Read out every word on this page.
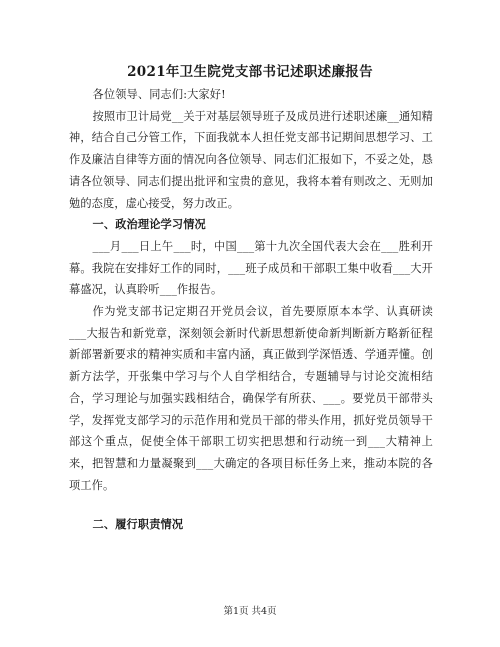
2021年卫生院党支部书记述职述廉报告

各位领导、同志们:大家好!

按照市卫计局党__关于对基层领导班子及成员进行述职述廉__通知精神，结合自己分管工作，下面我就本人担任党支部书记期间思想学习、工作及廉洁自律等方面的情况向各位领导、同志们汇报如下，不妥之处，恳请各位领导、同志们提出批评和宝贵的意见，我将本着有则改之、无则加勉的态度，虚心接受，努力改正。

一、政治理论学习情况

___月___日上午___时，中国___第十九次全国代表大会在___胜利开幕。我院在安排好工作的同时，___班子成员和干部职工集中收看___大开幕盛况，认真聆听___作报告。

作为党支部书记定期召开党员会议，首先要原原本本学、认真研读___大报告和新党章，深刻领会新时代新思想新使命新判断新方略新征程新部署新要求的精神实质和丰富内涵，真正做到学深悟透、学通弄懂。创新方法学，开张集中学习与个人自学相结合，专题辅导与讨论交流相结合，学习理论与加强实践相结合，确保学有所获、___。要党员干部带头学，发挥党支部学习的示范作用和党员干部的带头作用，抓好党员领导干部这个重点，促使全体干部职工切实把思想和行动统一到___大精神上来，把智慧和力量凝聚到___大确定的各项目标任务上来，推动本院的各项工作。

二、履行职责情况
第1页 共4页
